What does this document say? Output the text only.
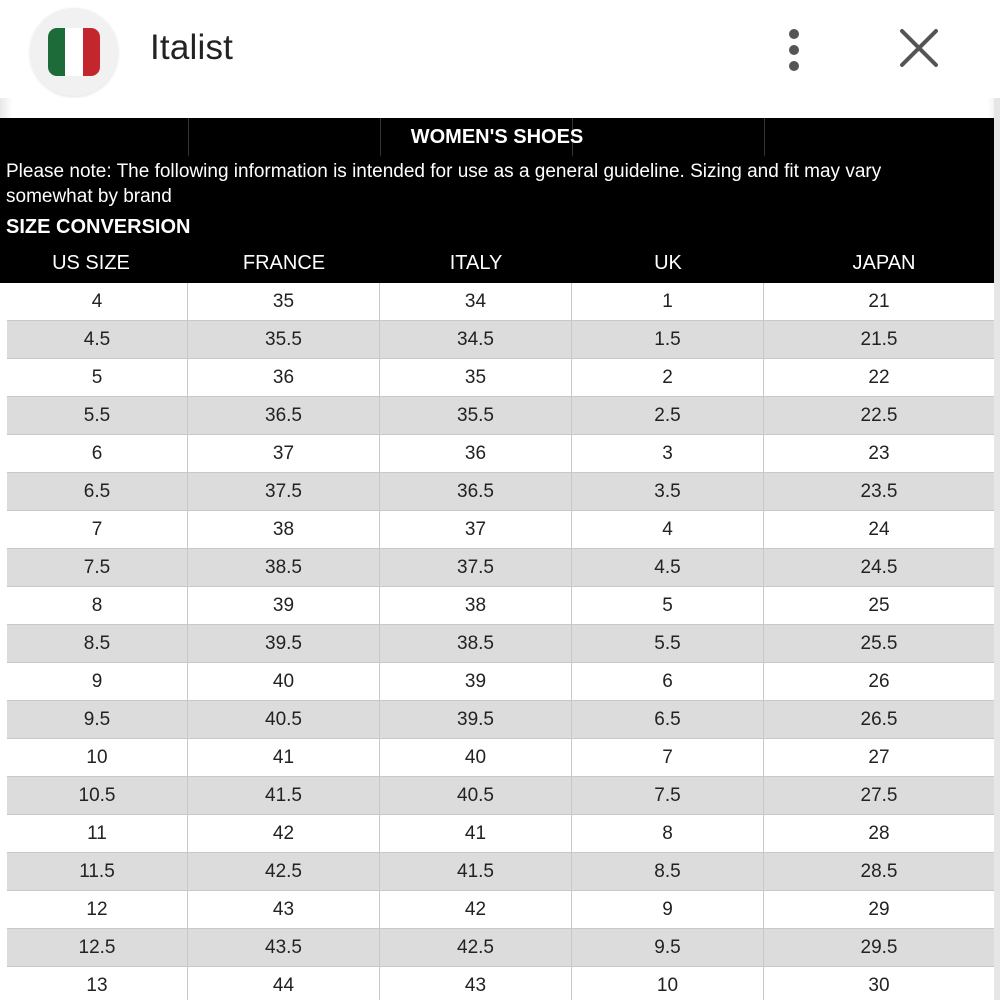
Italist
WOMEN'S SHOES
Please note: The following information is intended for use as a general guideline. Sizing and fit may vary somewhat by brand
SIZE CONVERSION
US SIZE	FRANCE	ITALY	UK	JAPAN
4	35	34	1	21
4.5	35.5	34.5	1.5	21.5
5	36	35	2	22
5.5	36.5	35.5	2.5	22.5
6	37	36	3	23
6.5	37.5	36.5	3.5	23.5
7	38	37	4	24
7.5	38.5	37.5	4.5	24.5
8	39	38	5	25
8.5	39.5	38.5	5.5	25.5
9	40	39	6	26
9.5	40.5	39.5	6.5	26.5
10	41	40	7	27
10.5	41.5	40.5	7.5	27.5
11	42	41	8	28
11.5	42.5	41.5	8.5	28.5
12	43	42	9	29
12.5	43.5	42.5	9.5	29.5
13	44	43	10	30
